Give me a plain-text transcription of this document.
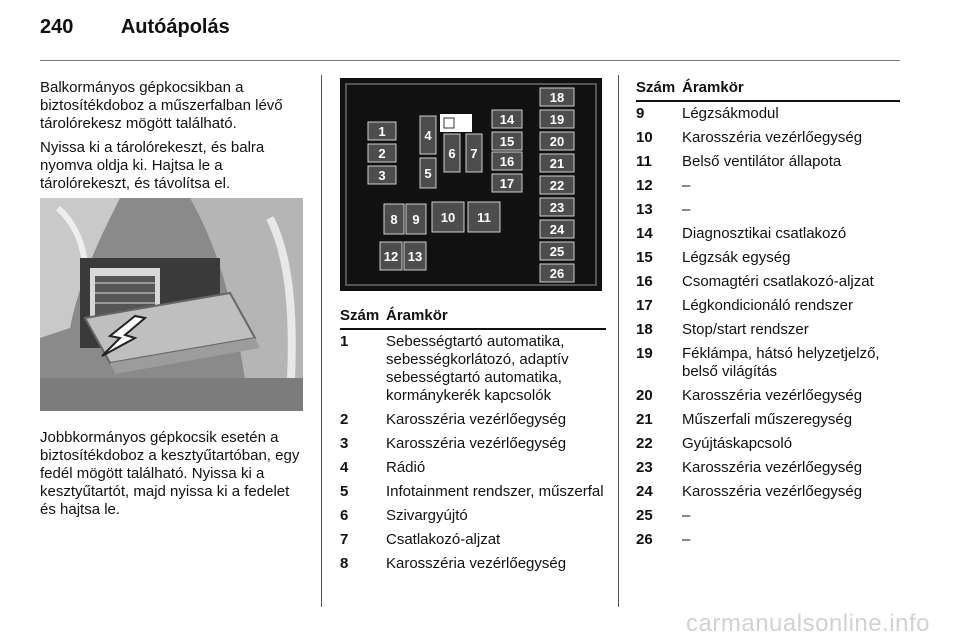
240 Autóápolás

Balkormányos gépkocsikban a biztosítékdoboz a műszerfalban lévő tárolórekesz mögött található.

Nyissa ki a tárolórekeszt, és balra nyomva oldja ki. Hajtsa le a tárolórekeszt, és távolítsa el.

Jobbkormányos gépkocsik esetén a biztosítékdoboz a kesztyűtartóban, egy fedél mögött található. Nyissa ki a kesztyűtartót, majd nyissa ki a fedelet és hajtsa le.

1
2
3
4
5
6 7
8 9 10 11
12 13
14
15
16
17
18
19
20
21
22
23
24
25
26
Szám	Áramkör
1	Sebességtartó automatika, sebességkorlátozó, adaptív sebességtartó automatika, kormánykerék kapcsolók
2	Karosszéria vezérlőegység
3	Karosszéria vezérlőegység
4	Rádió
5	Infotainment rendszer, műszerfal
6	Szivargyújtó
7	Csatlakozó-aljzat
8	Karosszéria vezérlőegység
Szám	Áramkör
9	Légzsákmodul
10	Karosszéria vezérlőegység
11	Belső ventilátor állapota
12	–
13	–
14	Diagnosztikai csatlakozó
15	Légzsák egység
16	Csomagtéri csatlakozó-aljzat
17	Légkondicionáló rendszer
18	Stop/start rendszer
19	Féklámpa, hátsó helyzetjelző, belső világítás
20	Karosszéria vezérlőegység
21	Műszerfali műszeregység
22	Gyújtáskapcsoló
23	Karosszéria vezérlőegység
24	Karosszéria vezérlőegység
25	–
26	–
carmanualsonline.info
